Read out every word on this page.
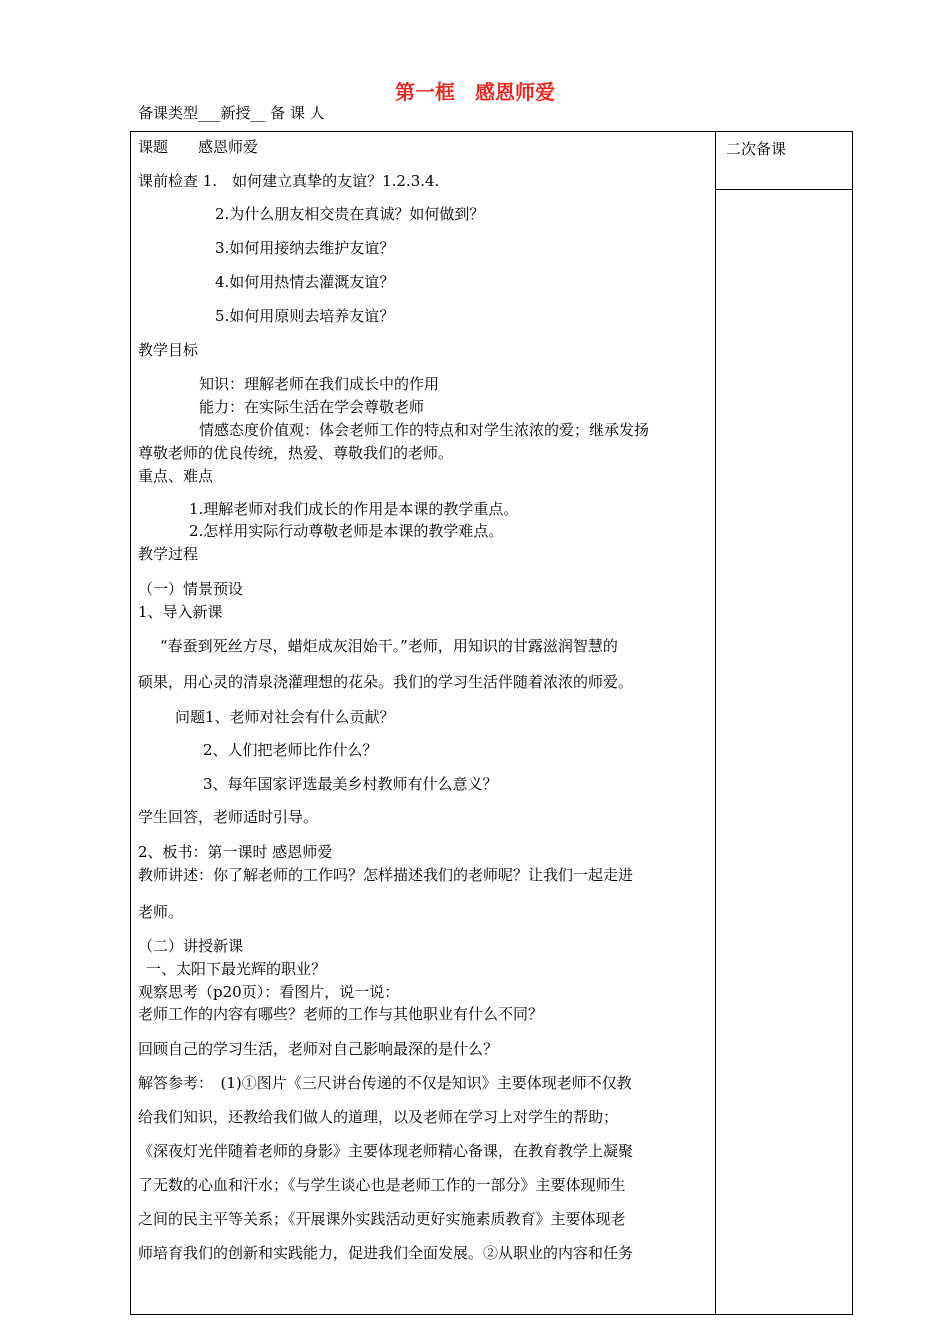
第一框　感恩师爱
备课类型___新授__ 备 课 人
二次备课
课题　　感恩师爱
课前检查 1.　如何建立真挚的友谊？1.2.3.4.
2.为什么朋友相交贵在真诚？如何做到？
3.如何用接纳去维护友谊？
4.如何用热情去灌溉友谊？
5.如何用原则去培养友谊？
教学目标
知识：理解老师在我们成长中的作用
能力：在实际生活在学会尊敬老师
情感态度价值观：体会老师工作的特点和对学生浓浓的爱；继承发扬
尊敬老师的优良传统，热爱、尊敬我们的老师。
重点、难点
1.理解老师对我们成长的作用是本课的教学重点。
2.怎样用实际行动尊敬老师是本课的教学难点。
教学过程
（一）情景预设
1、导入新课
“春蚕到死丝方尽，蜡炬成灰泪始干。”老师，用知识的甘露滋润智慧的
硕果，用心灵的清泉浇灌理想的花朵。我们的学习生活伴随着浓浓的师爱。
问题1、老师对社会有什么贡献？
2、人们把老师比作什么？
3、每年国家评选最美乡村教师有什么意义？
学生回答，老师适时引导。
2、板书：第一课时 感恩师爱
教师讲述：你了解老师的工作吗？怎样描述我们的老师呢？让我们一起走进
老师。
（二）讲授新课
一、太阳下最光辉的职业？
观察思考（p20页）：看图片，说一说：
老师工作的内容有哪些？老师的工作与其他职业有什么不同？
回顾自己的学习生活，老师对自己影响最深的是什么？
解答参考：　(1)①图片《三尺讲台传递的不仅是知识》主要体现老师不仅教
给我们知识，还教给我们做人的道理，以及老师在学习上对学生的帮助；
《深夜灯光伴随着老师的身影》主要体现老师精心备课，在教育教学上凝聚
了无数的心血和汗水；《与学生谈心也是老师工作的一部分》主要体现师生
之间的民主平等关系；《开展课外实践活动更好实施素质教育》主要体现老
师培育我们的创新和实践能力，促进我们全面发展。②从职业的内容和任务
